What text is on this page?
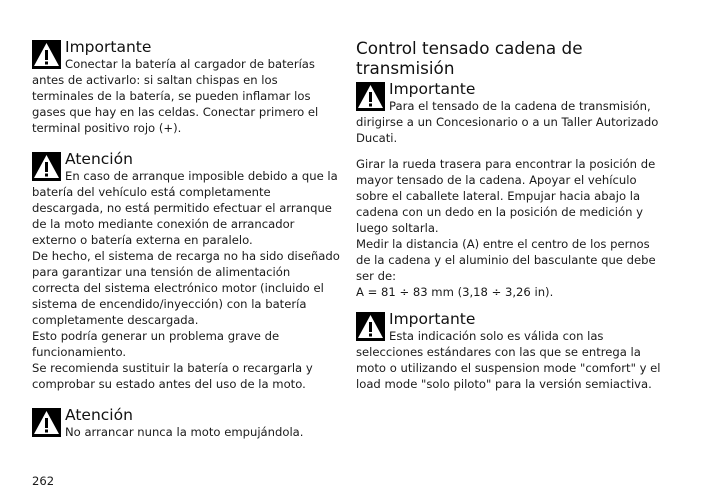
Importante

Conectar la batería al cargador de baterías antes de activarlo: si saltan chispas en los terminales de la batería, se pueden inflamar los gases que hay en las celdas. Conectar primero el terminal positivo rojo (+).

Atención

En caso de arranque imposible debido a que la batería del vehículo está completamente descargada, no está permitido efectuar el arranque de la moto mediante conexión de arrancador externo o batería externa en paralelo.

De hecho, el sistema de recarga no ha sido diseñado para garantizar una tensión de alimentación correcta del sistema electrónico motor (incluido el sistema de encendido/inyección) con la batería completamente descargada.
Esto podría generar un problema grave de funcionamiento.
Se recomienda sustituir la batería o recargarla y comprobar su estado antes del uso de la moto.

Atención

No arrancar nunca la moto empujándola.

Control tensado cadena de transmisión
Importante

Para el tensado de la cadena de transmisión, dirigirse a un Concesionario o a un Taller Autorizado Ducati.

Girar la rueda trasera para encontrar la posición de mayor tensado de la cadena. Apoyar el vehículo sobre el caballete lateral. Empujar hacia abajo la cadena con un dedo en la posición de medición y luego soltarla.

Medir la distancia (A) entre el centro de los pernos de la cadena y el aluminio del basculante que debe ser de:

A = 81 ÷ 83 mm (3,18 ÷ 3,26 in).

Importante

Esta indicación solo es válida con las selecciones estándares con las que se entrega la moto o utilizando el suspension mode "comfort" y el load mode "solo piloto" para la versión semiactiva.

262
